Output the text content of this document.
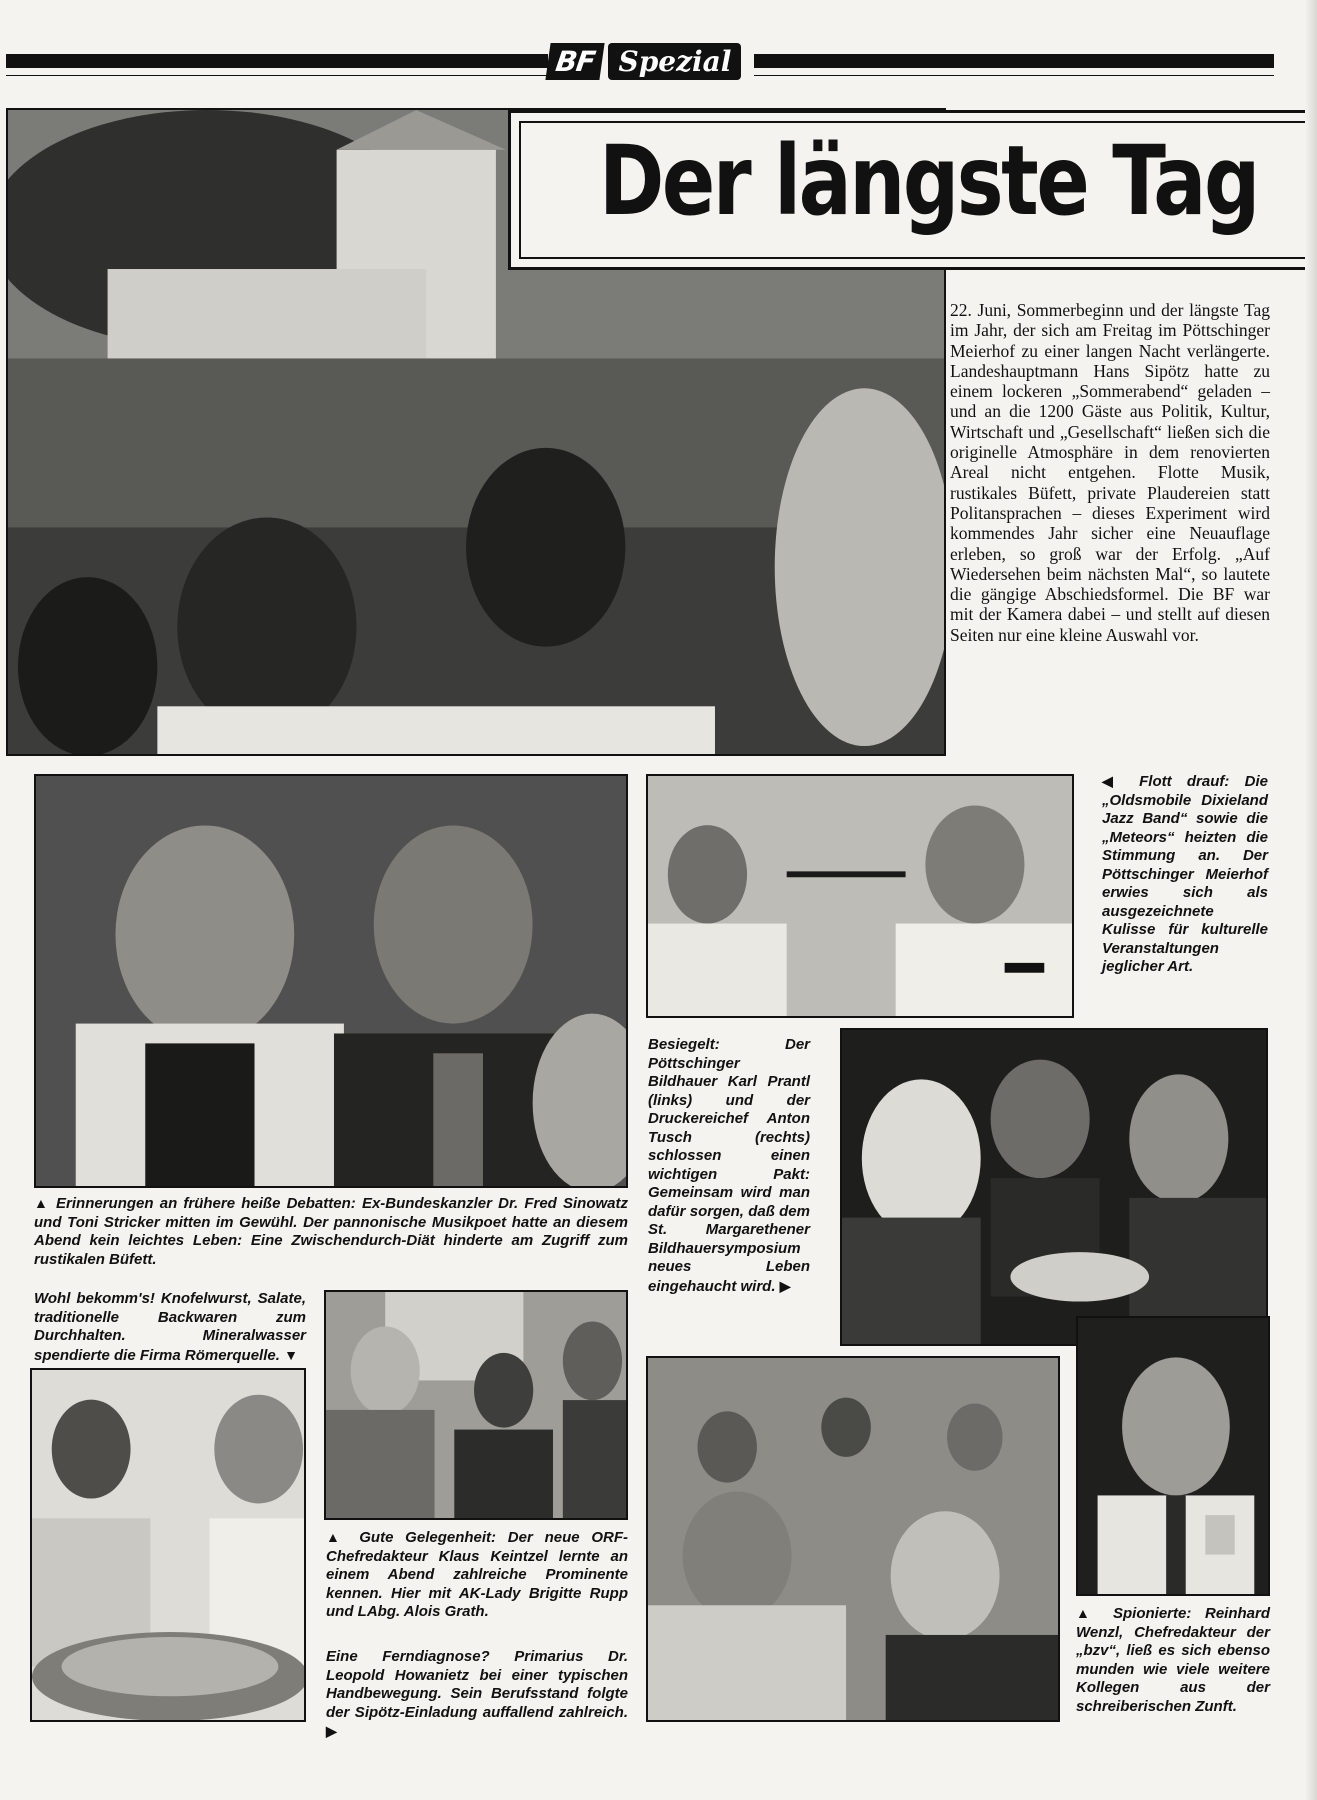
BF Spezial
Der längste Tag
22. Juni, Sommerbeginn und der längste Tag im Jahr, der sich am Freitag im Pöttschinger Meierhof zu einer langen Nacht verlängerte. Landeshauptmann Hans Sipötz hatte zu einem lockeren „Sommerabend“ geladen – und an die 1200 Gäste aus Politik, Kultur, Wirtschaft und „Gesellschaft“ ließen sich die originelle Atmosphäre in dem renovierten Areal nicht entgehen. Flotte Musik, rustikales Büfett, private Plaudereien statt Politansprachen – dieses Experiment wird kommendes Jahr sicher eine Neuauflage erleben, so groß war der Erfolg. „Auf Wiedersehen beim nächsten Mal“, so lautete die gängige Abschiedsformel. Die BF war mit der Kamera dabei – und stellt auf diesen Seiten nur eine kleine Auswahl vor.
▲ Erinnerungen an frühere heiße Debatten: Ex-Bundeskanzler Dr. Fred Sinowatz und Toni Stricker mitten im Gewühl. Der pannonische Musikpoet hatte an diesem Abend kein leichtes Leben: Eine Zwischendurch-Diät hinderte am Zugriff zum rustikalen Büfett.
◀ Flott drauf: Die „Oldsmobile Dixieland Jazz Band“ sowie die „Meteors“ heizten die Stimmung an. Der Pöttschinger Meierhof erwies sich als ausgezeichnete Kulisse für kulturelle Veranstaltungen jeglicher Art.
Besiegelt: Der Pöttschinger Bildhauer Karl Prantl (links) und der Druckereichef Anton Tusch (rechts) schlossen einen wichtigen Pakt: Gemeinsam wird man dafür sorgen, daß dem St. Margarethener Bildhauersymposium neues Leben eingehaucht wird. ▶
Wohl bekomm's! Knofelwurst, Salate, traditionelle Backwaren zum Durchhalten. Mineralwasser spendierte die Firma Römerquelle. ▼
▲ Gute Gelegenheit: Der neue ORF-Chefredakteur Klaus Keintzel lernte an einem Abend zahlreiche Prominente kennen. Hier mit AK-Lady Brigitte Rupp und LAbg. Alois Grath.
Eine Ferndiagnose? Primarius Dr. Leopold Howanietz bei einer typischen Handbewegung. Sein Berufsstand folgte der Sipötz-Einladung auffallend zahlreich. ▶
▲ Spionierte: Reinhard Wenzl, Chefredakteur der „bzv“, ließ es sich ebenso munden wie viele weitere Kollegen aus der schreiberischen Zunft.
